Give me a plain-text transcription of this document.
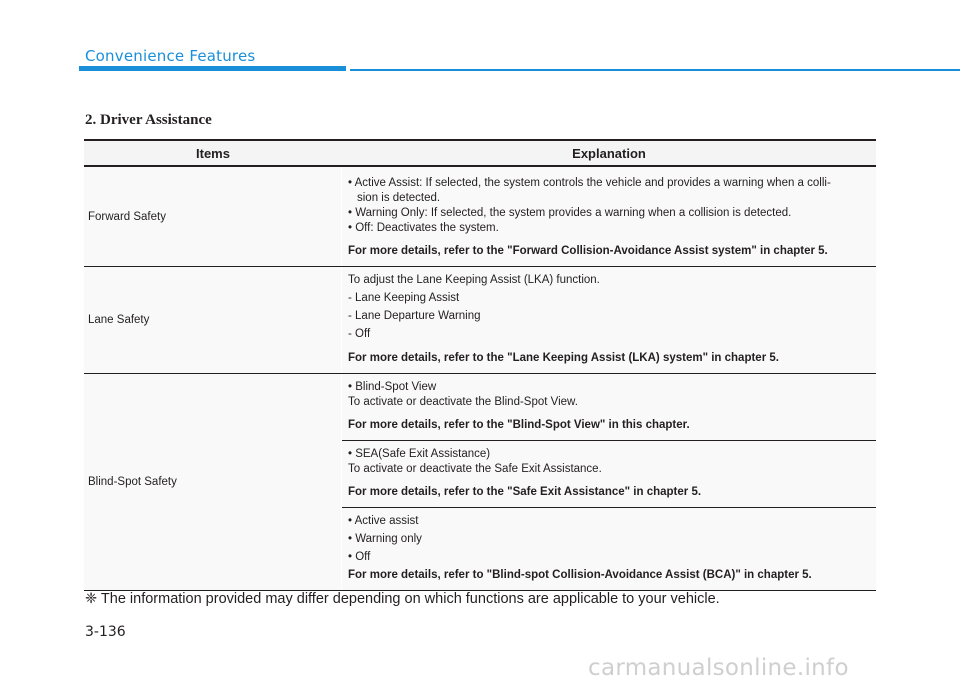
Convenience Features
2. Driver Assistance
Items	Explanation
Forward Safety
• Active Assist: If selected, the system controls the vehicle and provides a warning when a colli-
sion is detected.
• Warning Only: If selected, the system provides a warning when a collision is detected.
• Off: Deactivates the system.
For more details, refer to the "Forward Collision-Avoidance Assist system" in chapter 5.
Lane Safety
To adjust the Lane Keeping Assist (LKA) function.
- Lane Keeping Assist
- Lane Departure Warning
- Off
For more details, refer to the "Lane Keeping Assist (LKA) system" in chapter 5.
Blind-Spot Safety
• Blind-Spot View
To activate or deactivate the Blind-Spot View.
For more details, refer to the "Blind-Spot View" in this chapter.
• SEA(Safe Exit Assistance)
To activate or deactivate the Safe Exit Assistance.
For more details, refer to the "Safe Exit Assistance" in chapter 5.
• Active assist
• Warning only
• Off
For more details, refer to "Blind-spot Collision-Avoidance Assist (BCA)" in chapter 5.
❈ The information provided may differ depending on which functions are applicable to your vehicle.
3-136
carmanualsonline.info
